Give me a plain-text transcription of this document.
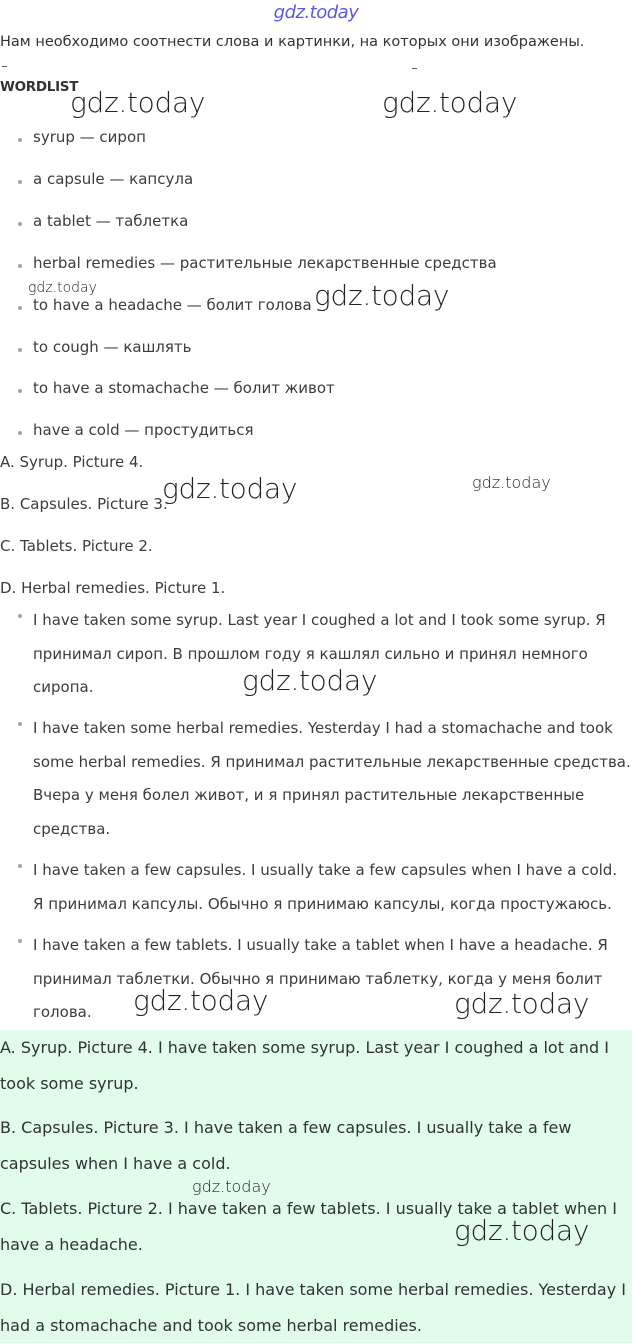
gdz.today
Нам необходимо соотнести слова и картинки, на которых они изображены.
WORDLIST
syrup — сироп
a capsule — капсула
a tablet — таблетка
herbal remedies — растительные лекарственные средства
to have a headache — болит голова
to cough — кашлять
to have a stomachache — болит живот
have a cold — простудиться
A. Syrup. Picture 4.
B. Capsules. Picture 3.
C. Tablets. Picture 2.
D. Herbal remedies. Picture 1.
I have taken some syrup. Last year I coughed a lot and I took some syrup. Я принимал сироп. В прошлом году я кашлял сильно и принял немного сиропа.
I have taken some herbal remedies. Yesterday I had a stomachache and took some herbal remedies. Я принимал растительные лекарственные средства. Вчера у меня болел живот, и я принял растительные лекарственные средства.
I have taken a few capsules. I usually take a few capsules when I have a cold. Я принимал капсулы. Обычно я принимаю капсулы, когда простужаюсь.
I have taken a few tablets. I usually take a tablet when I have a headache. Я принимал таблетки. Обычно я принимаю таблетку, когда у меня болит голова.
A. Syrup. Picture 4. I have taken some syrup. Last year I coughed a lot and I took some syrup.
B. Capsules. Picture 3. I have taken a few capsules. I usually take a few capsules when I have a cold.
C. Tablets. Picture 2. I have taken a few tablets. I usually take a tablet when I have a headache.
D. Herbal remedies. Picture 1. I have taken some herbal remedies. Yesterday I had a stomachache and took some herbal remedies.
gdz.today	gdz.today
gdz.today	gdz.today
gdz.today	gdz.today
gdz.today
gdz.today	gdz.today
gdz.today
gdz.today
